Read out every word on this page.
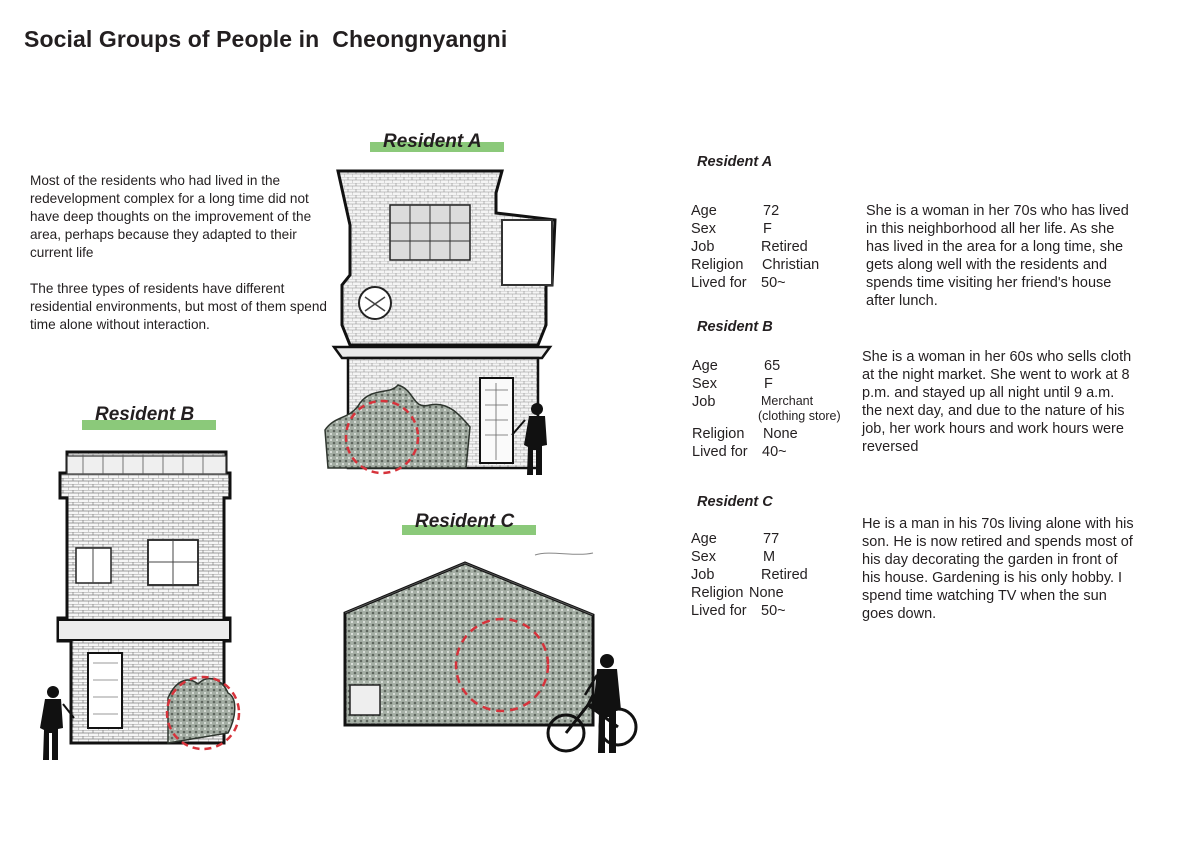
Social Groups of People in  Cheongnyangni

Most of the residents who had lived in the redevelopment complex for a long time did not have deep thoughts on the improvement of the area, perhaps because they adapted to their current life

The three types of residents have different residential environments, but most of them spend time alone without interaction.

Resident A
Resident B
Resident C
Resident A
Age	72
Sex	F
Job	Retired
Religion Christian
Lived for 50~
She is a woman in her 70s who has lived in this neighborhood all her life. As she has lived in the area for a long time, she gets along well with the residents and spends time visiting her friend's house after lunch.
Resident B
Age	65
Sex	F
Job	Merchant
(clothing store)
Religion None
Lived for 40~
She is a woman in her 60s who sells cloth at the night market. She went to work at 8 p.m. and stayed up all night until 9 a.m. the next day, and due to the nature of his job, her work hours and work hours were reversed
Resident C
Age	77
Sex	M
Job	Retired
Religion None
Lived for 50~
He is a man in his 70s living alone with his son. He is now retired and spends most of his day decorating the garden in front of his house. Gardening is his only hobby. I spend time watching TV when the sun goes down.
